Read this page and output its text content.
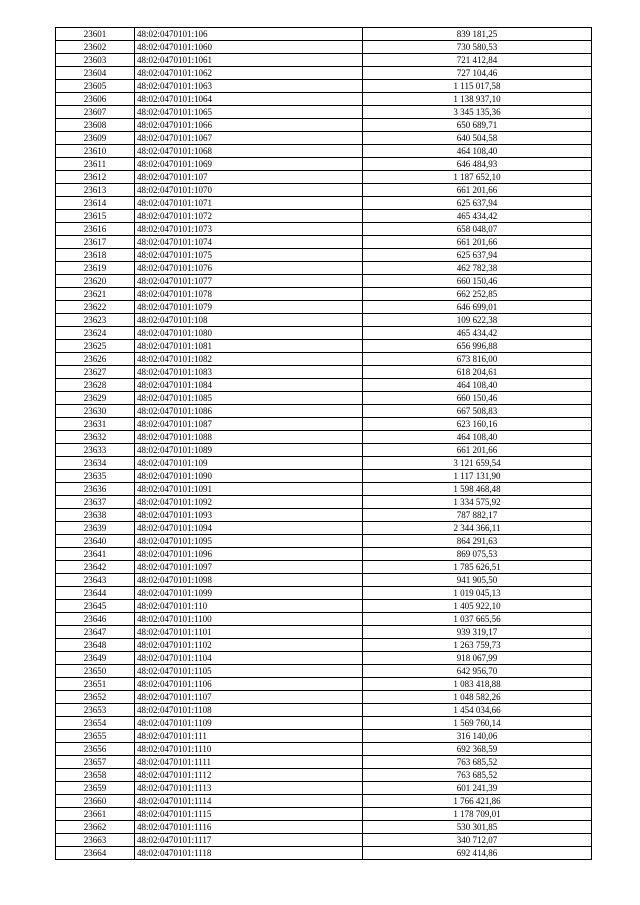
23601	48:02:0470101:106	839 181,25
23602	48:02:0470101:1060	730 580,53
23603	48:02:0470101:1061	721 412,84
23604	48:02:0470101:1062	727 104,46
23605	48:02:0470101:1063	1 115 017,58
23606	48:02:0470101:1064	1 138 937,10
23607	48:02:0470101:1065	3 345 135,36
23608	48:02:0470101:1066	650 689,71
23609	48:02:0470101:1067	640 504,58
23610	48:02:0470101:1068	464 108,40
23611	48:02:0470101:1069	646 484,93
23612	48:02:0470101:107	1 187 652,10
23613	48:02:0470101:1070	661 201,66
23614	48:02:0470101:1071	625 637,94
23615	48:02:0470101:1072	465 434,42
23616	48:02:0470101:1073	658 048,07
23617	48:02:0470101:1074	661 201,66
23618	48:02:0470101:1075	625 637,94
23619	48:02:0470101:1076	462 782,38
23620	48:02:0470101:1077	660 150,46
23621	48:02:0470101:1078	662 252,85
23622	48:02:0470101:1079	646 699,01
23623	48:02:0470101:108	109 622,38
23624	48:02:0470101:1080	465 434,42
23625	48:02:0470101:1081	656 996,88
23626	48:02:0470101:1082	673 816,00
23627	48:02:0470101:1083	618 204,61
23628	48:02:0470101:1084	464 108,40
23629	48:02:0470101:1085	660 150,46
23630	48:02:0470101:1086	667 508,83
23631	48:02:0470101:1087	623 160,16
23632	48:02:0470101:1088	464 108,40
23633	48:02:0470101:1089	661 201,66
23634	48:02:0470101:109	3 121 659,54
23635	48:02:0470101:1090	1 117 131,90
23636	48:02:0470101:1091	1 598 468,48
23637	48:02:0470101:1092	1 334 575,92
23638	48:02:0470101:1093	787 882,17
23639	48:02:0470101:1094	2 344 366,11
23640	48:02:0470101:1095	864 291,63
23641	48:02:0470101:1096	869 075,53
23642	48:02:0470101:1097	1 785 626,51
23643	48:02:0470101:1098	941 905,50
23644	48:02:0470101:1099	1 019 045,13
23645	48:02:0470101:110	1 405 922,10
23646	48:02:0470101:1100	1 037 665,56
23647	48:02:0470101:1101	939 319,17
23648	48:02:0470101:1102	1 263 759,73
23649	48:02:0470101:1104	918 067,99
23650	48:02:0470101:1105	642 956,70
23651	48:02:0470101:1106	1 083 418,88
23652	48:02:0470101:1107	1 048 582,26
23653	48:02:0470101:1108	1 454 034,66
23654	48:02:0470101:1109	1 569 760,14
23655	48:02:0470101:111	316 140,06
23656	48:02:0470101:1110	692 368,59
23657	48:02:0470101:1111	763 685,52
23658	48:02:0470101:1112	763 685,52
23659	48:02:0470101:1113	601 241,39
23660	48:02:0470101:1114	1 766 421,86
23661	48:02:0470101:1115	1 178 709,01
23662	48:02:0470101:1116	530 301,85
23663	48:02:0470101:1117	340 712,07
23664	48:02:0470101:1118	692 414,86
